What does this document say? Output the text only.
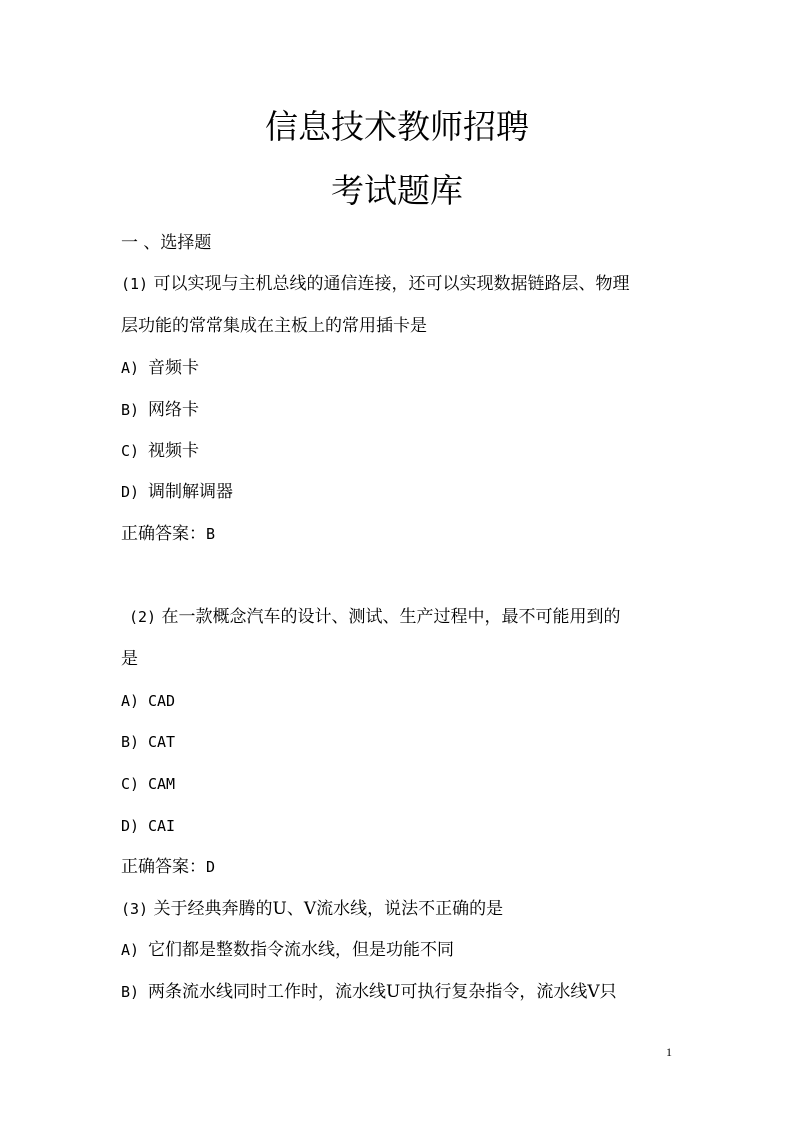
信息技术教师招聘
考试题库
一 、选择题
(1) 可以实现与主机总线的通信连接，还可以实现数据链路层、物理
层功能的常常集成在主板上的常用插卡是
A) 音频卡
B) 网络卡
C) 视频卡
D) 调制解调器
正确答案：B
(2) 在一款概念汽车的设计、测试、生产过程中，最不可能用到的
是
A) CAD
B) CAT
C) CAM
D) CAI
正确答案：D
(3) 关于经典奔腾的U、V流水线，说法不正确的是
A) 它们都是整数指令流水线，但是功能不同
B) 两条流水线同时工作时，流水线U可执行复杂指令，流水线V只
1
